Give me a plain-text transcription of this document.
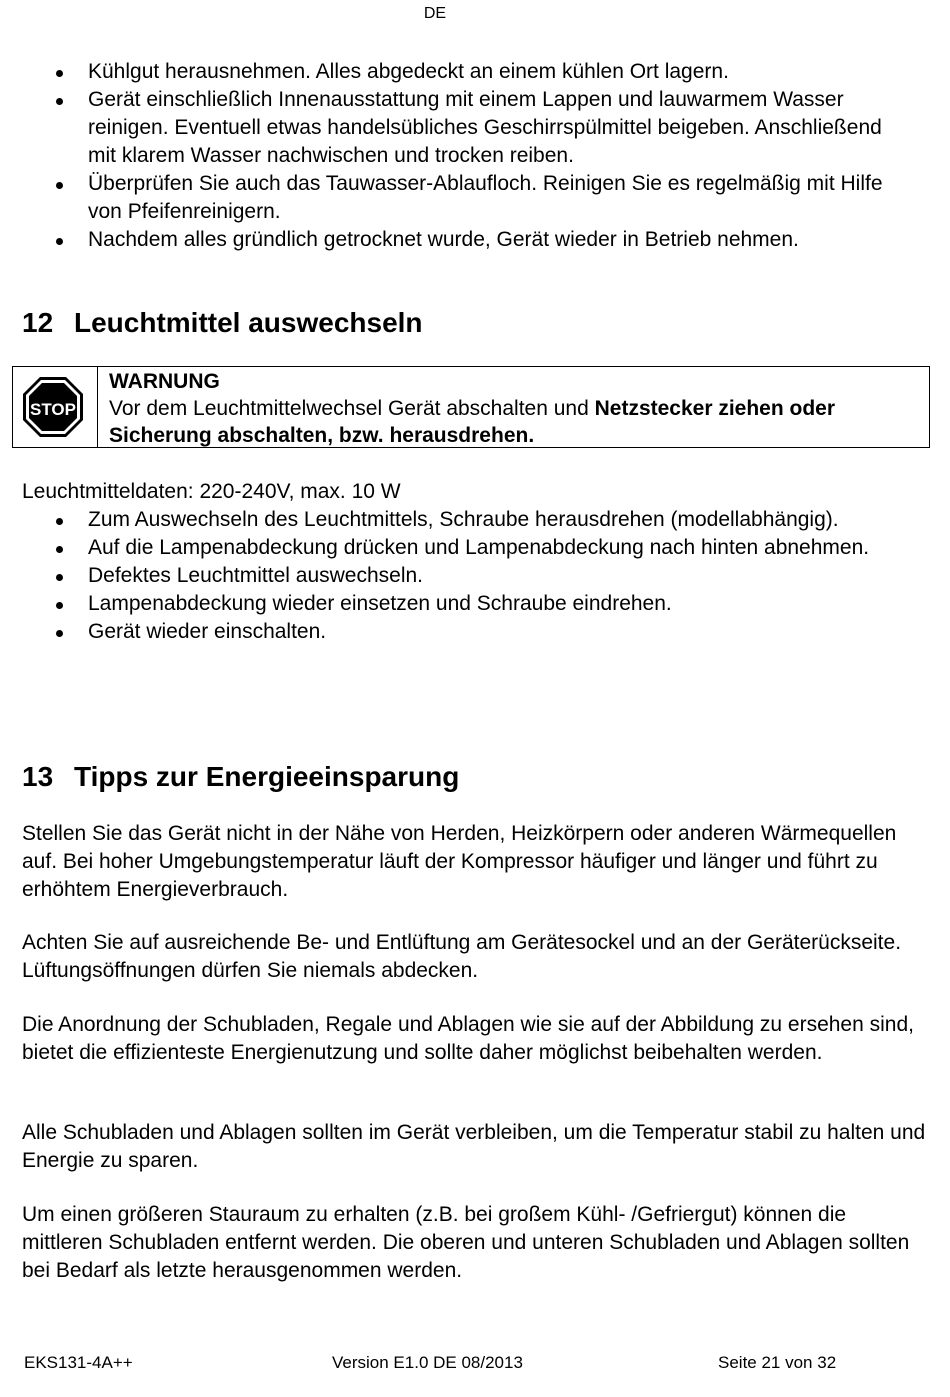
DE
Kühlgut herausnehmen. Alles abgedeckt an einem kühlen Ort lagern.
Gerät einschließlich Innenausstattung mit einem Lappen und lauwarmem Wasser reinigen. Eventuell etwas handelsübliches Geschirrspülmittel beigeben. Anschließend mit klarem Wasser nachwischen und trocken reiben.
Überprüfen Sie auch das Tauwasser-Ablaufloch. Reinigen Sie es regelmäßig mit Hilfe von Pfeifenreinigern.
Nachdem alles gründlich getrocknet wurde, Gerät wieder in Betrieb nehmen.
12 Leuchtmittel auswechseln
STOP
WARNUNG
Vor dem Leuchtmittelwechsel Gerät abschalten und Netzstecker ziehen oder Sicherung abschalten, bzw. herausdrehen.
Leuchtmitteldaten: 220-240V, max. 10 W
Zum Auswechseln des Leuchtmittels, Schraube herausdrehen (modellabhängig).
Auf die Lampenabdeckung drücken und Lampenabdeckung nach hinten abnehmen.
Defektes Leuchtmittel auswechseln.
Lampenabdeckung wieder einsetzen und Schraube eindrehen.
Gerät wieder einschalten.
13 Tipps zur Energieeinsparung

Stellen Sie das Gerät nicht in der Nähe von Herden, Heizkörpern oder anderen Wärmequellen auf. Bei hoher Umgebungstemperatur läuft der Kompressor häufiger und länger und führt zu erhöhtem Energieverbrauch.

Achten Sie auf ausreichende Be- und Entlüftung am Gerätesockel und an der Geräterückseite. Lüftungsöffnungen dürfen Sie niemals abdecken.

Die Anordnung der Schubladen, Regale und Ablagen wie sie auf der Abbildung zu ersehen sind, bietet die effizienteste Energienutzung und sollte daher möglichst beibehalten werden.

Alle Schubladen und Ablagen sollten im Gerät verbleiben, um die Temperatur stabil zu halten und Energie zu sparen.

Um einen größeren Stauraum zu erhalten (z.B. bei großem Kühl- /Gefriergut) können die mittleren Schubladen entfernt werden. Die oberen und unteren Schubladen und Ablagen sollten bei Bedarf als letzte herausgenommen werden.

EKS131-4A++	Version E1.0 DE 08/2013	Seite 21 von 32
